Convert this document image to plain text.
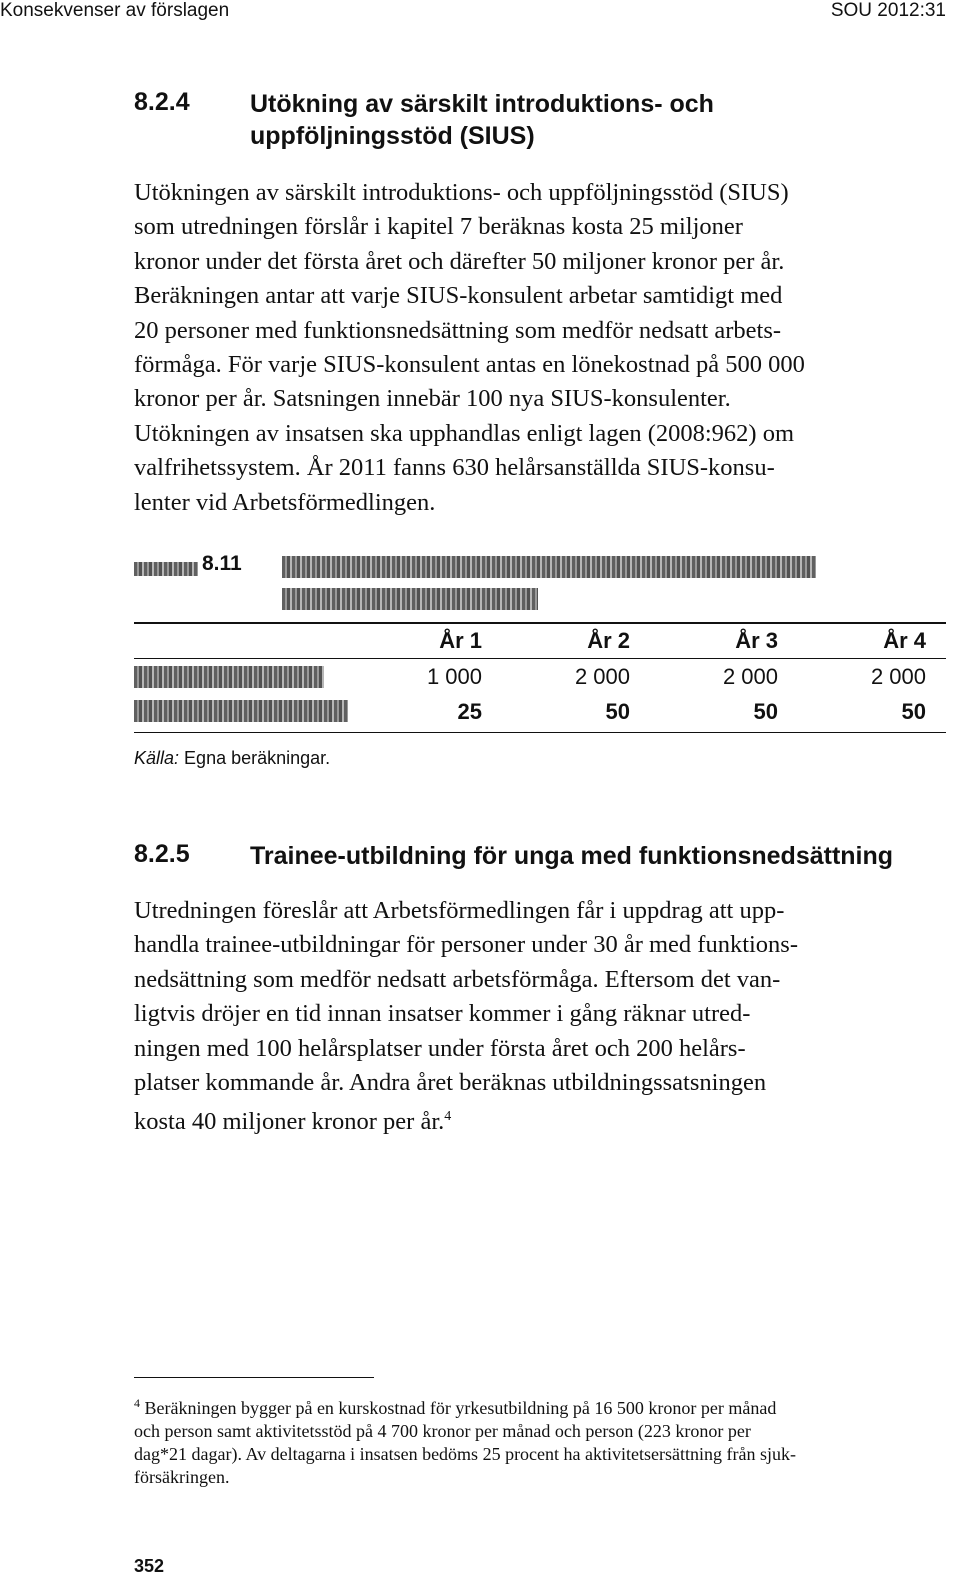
Konsekvenser av förslagen	SOU 2012:31
8.2.4 Utökning av särskilt introduktions- och
uppföljningsstöd (SIUS)
Utökningen av särskilt introduktions- och uppföljningsstöd (SIUS)
som utredningen förslår i kapitel 7 beräknas kosta 25 miljoner
kronor under det första året och därefter 50 miljoner kronor per år.
Beräkningen antar att varje SIUS-konsulent arbetar samtidigt med
20 personer med funktionsnedsättning som medför nedsatt arbets-
förmåga. För varje SIUS-konsulent antas en lönekostnad på 500 000
kronor per år. Satsningen innebär 100 nya SIUS-konsulenter.
Utökningen av insatsen ska upphandlas enligt lagen (2008:962) om
valfrihetssystem. År 2011 fanns 630 helårsanställda SIUS-konsu-
lenter vid Arbetsförmedlingen.
8.11
År 1	År 2	År 3	År 4
1 000	2 000	2 000	2 000
25	50	50	50
Källa: Egna beräkningar.
8.2.5 Trainee-utbildning för unga med funktionsnedsättning
Utredningen föreslår att Arbetsförmedlingen får i uppdrag att upp-
handla trainee-utbildningar för personer under 30 år med funktions-
nedsättning som medför nedsatt arbetsförmåga. Eftersom det van-
ligtvis dröjer en tid innan insatser kommer i gång räknar utred-
ningen med 100 helårsplatser under första året och 200 helårs-
platser kommande år. Andra året beräknas utbildningssatsningen
kosta 40 miljoner kronor per år.$^4$
$^4$ Beräkningen bygger på en kurskostnad för yrkesutbildning på 16 500 kronor per månad
och person samt aktivitetsstöd på 4 700 kronor per månad och person (223 kronor per
dag*21 dagar). Av deltagarna i insatsen bedöms 25 procent ha aktivitetsersättning från sjuk-
försäkringen.
352
